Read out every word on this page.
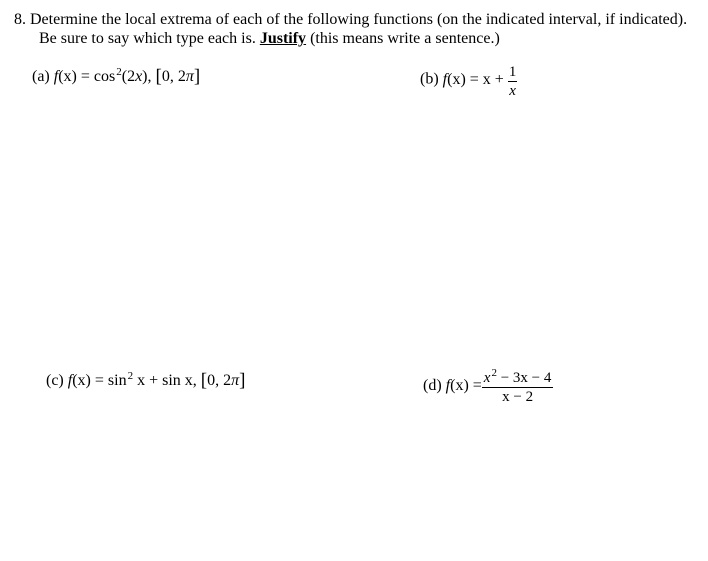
8. Determine the local extrema of each of the following functions (on the indicated interval, if indicated).
Be sure to say which type each is. Justify (this means write a sentence.)
(a) $f(x) = \cos^2(2x)$, [0, 2π]	(b) $f(x) = x + \frac{1}{x}$
(c) $f(x) = \sin^2 x + \sin x$, [0, 2π]	(d) $f(x) = \frac{x^2 - 3x - 4}{x - 2}$
